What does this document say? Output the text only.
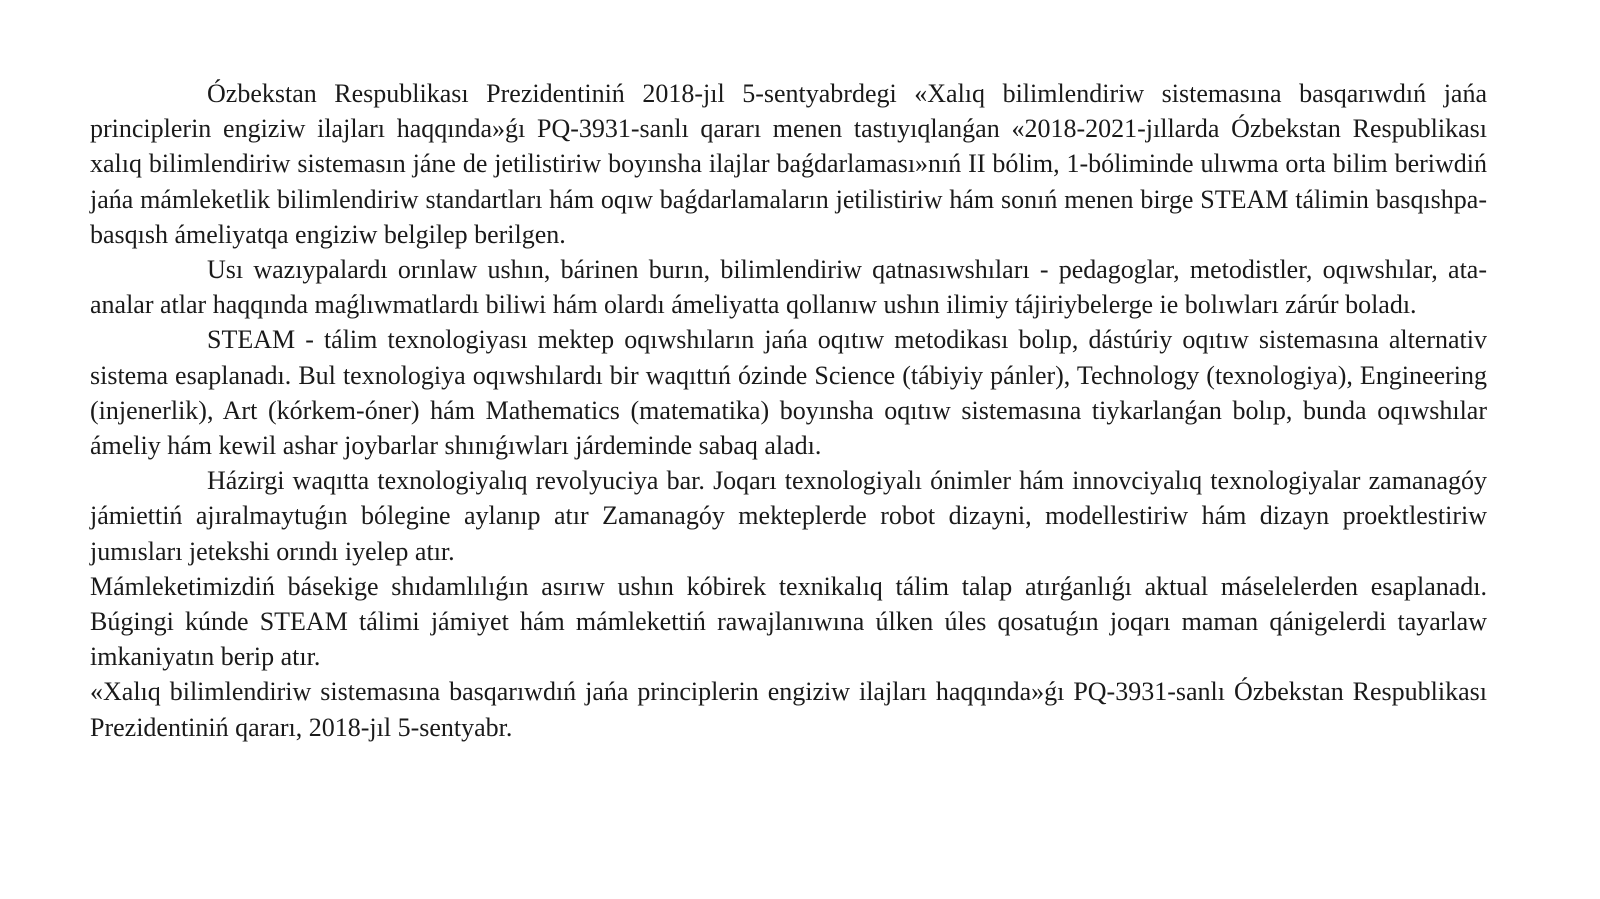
Ózbekstan Respublikası Prezidentiniń 2018-jıl 5-sentyabrdegi «Xalıq bilimlendiriw sistemasına basqarıwdıń jańa principlerin engiziw ilajları haqqında»ǵı PQ-3931-sanlı qararı menen tastıyıqlanǵan «2018-2021-jıllarda Ózbekstan Respublikası xalıq bilimlendiriw sistemasın jáne de jetilistiriw boyınsha ilajlar baǵdarlaması»nıń II bólim, 1-bóliminde ulıwma orta bilim beriwdiń jańa mámleketlik bilimlendiriw standartları hám oqıw baǵdarlamaların jetilistiriw hám sonıń menen birge STEAM tálimin basqıshpa-basqısh ámeliyatqa engiziw belgilep berilgen.

Usı wazıypalardı orınlaw ushın, bárinen burın, bilimlendiriw qatnasıwshıları - pedagoglar, metodistler, oqıwshılar, ata-analar atlar haqqında maǵlıwmatlardı biliwi hám olardı ámeliyatta qollanıw ushın ilimiy tájiriybelerge ie bolıwları zárúr boladı.

STEAM - tálim texnologiyası mektep oqıwshıların jańa oqıtıw metodikası bolıp, dástúriy oqıtıw sistemasına alternativ sistema esaplanadı. Bul texnologiya oqıwshılardı bir waqıttıń ózinde Science (tábiyiy pánler), Technology (texnologiya), Engineering (injenerlik), Art (kórkem-óner) hám Mathematics (matematika) boyınsha oqıtıw sistemasına tiykarlanǵan bolıp, bunda oqıwshılar ámeliy hám kewil ashar joybarlar shınıǵıwları járdeminde sabaq aladı.

Házirgi waqıtta texnologiyalıq revolyuciya bar. Joqarı texnologiyalı ónimler hám innovciyalıq texnologiyalar zamanagóy jámiettiń ajıralmaytuǵın bólegine aylanıp atır Zamanagóy mekteplerde robot dizayni, modellestiriw hám dizayn proektlestiriw jumısları jetekshi orındı iyelep atır.

Mámleketimizdiń básekige shıdamlılıǵın asırıw ushın kóbirek texnikalıq tálim talap atırǵanlıǵı aktual máselelerden esaplanadı. Búgingi kúnde STEAM tálimi jámiyet hám mámlekettiń rawajlanıwına úlken úles qosatuǵın joqarı maman qánigelerdi tayarlaw imkaniyatın berip atır.

«Xalıq bilimlendiriw sistemasına basqarıwdıń jańa principlerin engiziw ilajları haqqında»ǵı PQ-3931-sanlı Ózbekstan Respublikası Prezidentiniń qararı, 2018-jıl 5-sentyabr.
